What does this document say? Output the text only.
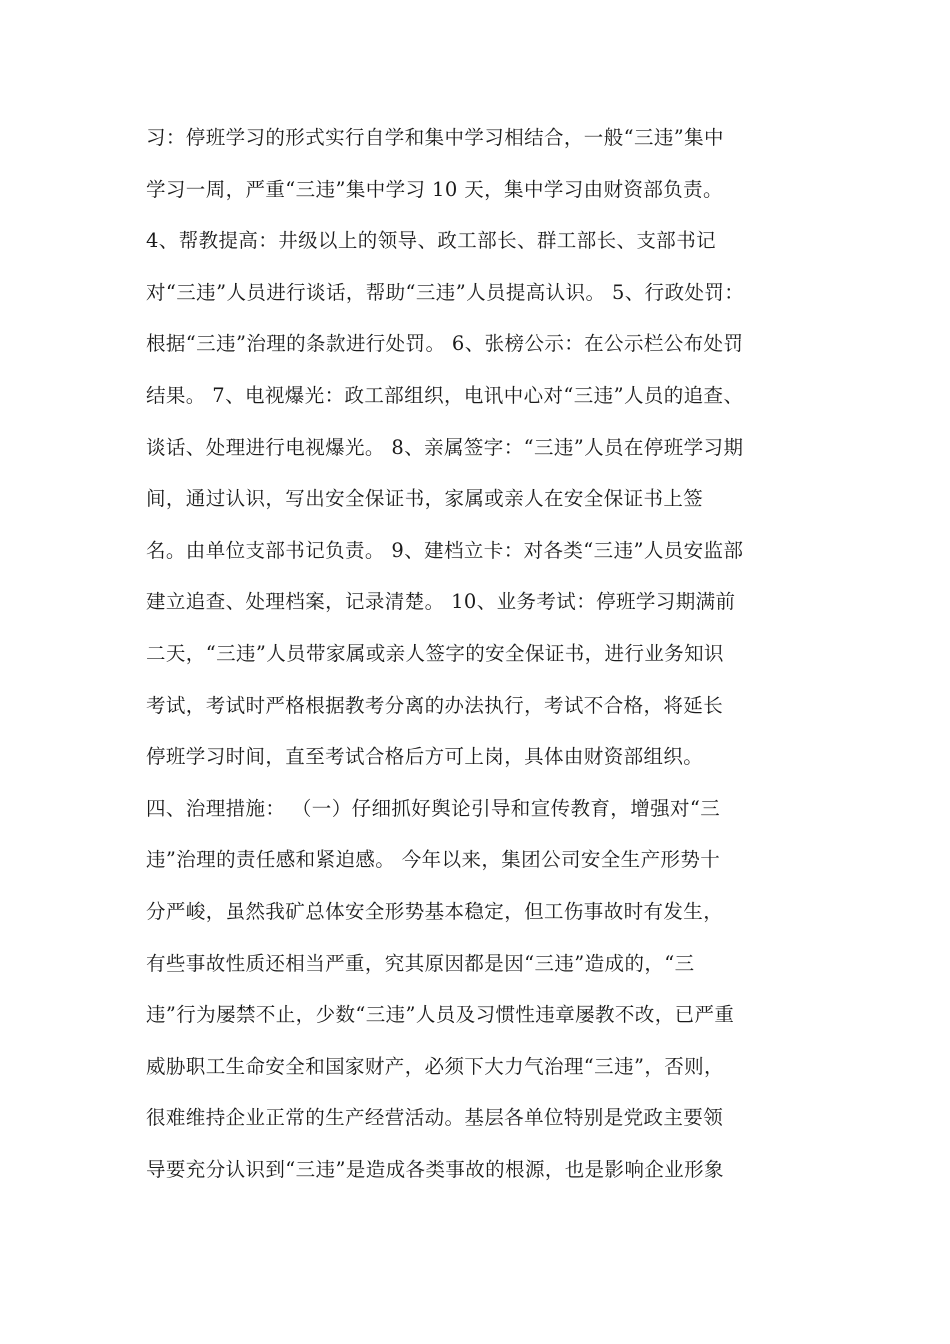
习：停班学习的形式实行自学和集中学习相结合，一般“三违”集中
学习一周，严重“三违”集中学习 10 天，集中学习由财资部负责。
4、帮教提高：井级以上的领导、政工部长、群工部长、支部书记
对“三违”人员进行谈话，帮助“三违”人员提高认识。 5、行政处罚：
根据“三违”治理的条款进行处罚。 6、张榜公示：在公示栏公布处罚
结果。 7、电视爆光：政工部组织，电讯中心对“三违”人员的追查、
谈话、处理进行电视爆光。 8、亲属签字：“三违”人员在停班学习期
间，通过认识，写出安全保证书，家属或亲人在安全保证书上签
名。由单位支部书记负责。 9、建档立卡：对各类“三违”人员安监部
建立追查、处理档案，记录清楚。 10、业务考试：停班学习期满前
二天，“三违”人员带家属或亲人签字的安全保证书，进行业务知识
考试，考试时严格根据教考分离的办法执行，考试不合格，将延长
停班学习时间，直至考试合格后方可上岗，具体由财资部组织。
四、治理措施： （一）仔细抓好舆论引导和宣传教育，增强对“三
违”治理的责任感和紧迫感。 今年以来，集团公司安全生产形势十
分严峻，虽然我矿总体安全形势基本稳定，但工伤事故时有发生，
有些事故性质还相当严重，究其原因都是因“三违”造成的，“三
违”行为屡禁不止，少数“三违”人员及习惯性违章屡教不改，已严重
威胁职工生命安全和国家财产，必须下大力气治理“三违”，否则，
很难维持企业正常的生产经营活动。基层各单位特别是党政主要领
导要充分认识到“三违”是造成各类事故的根源，也是影响企业形象
